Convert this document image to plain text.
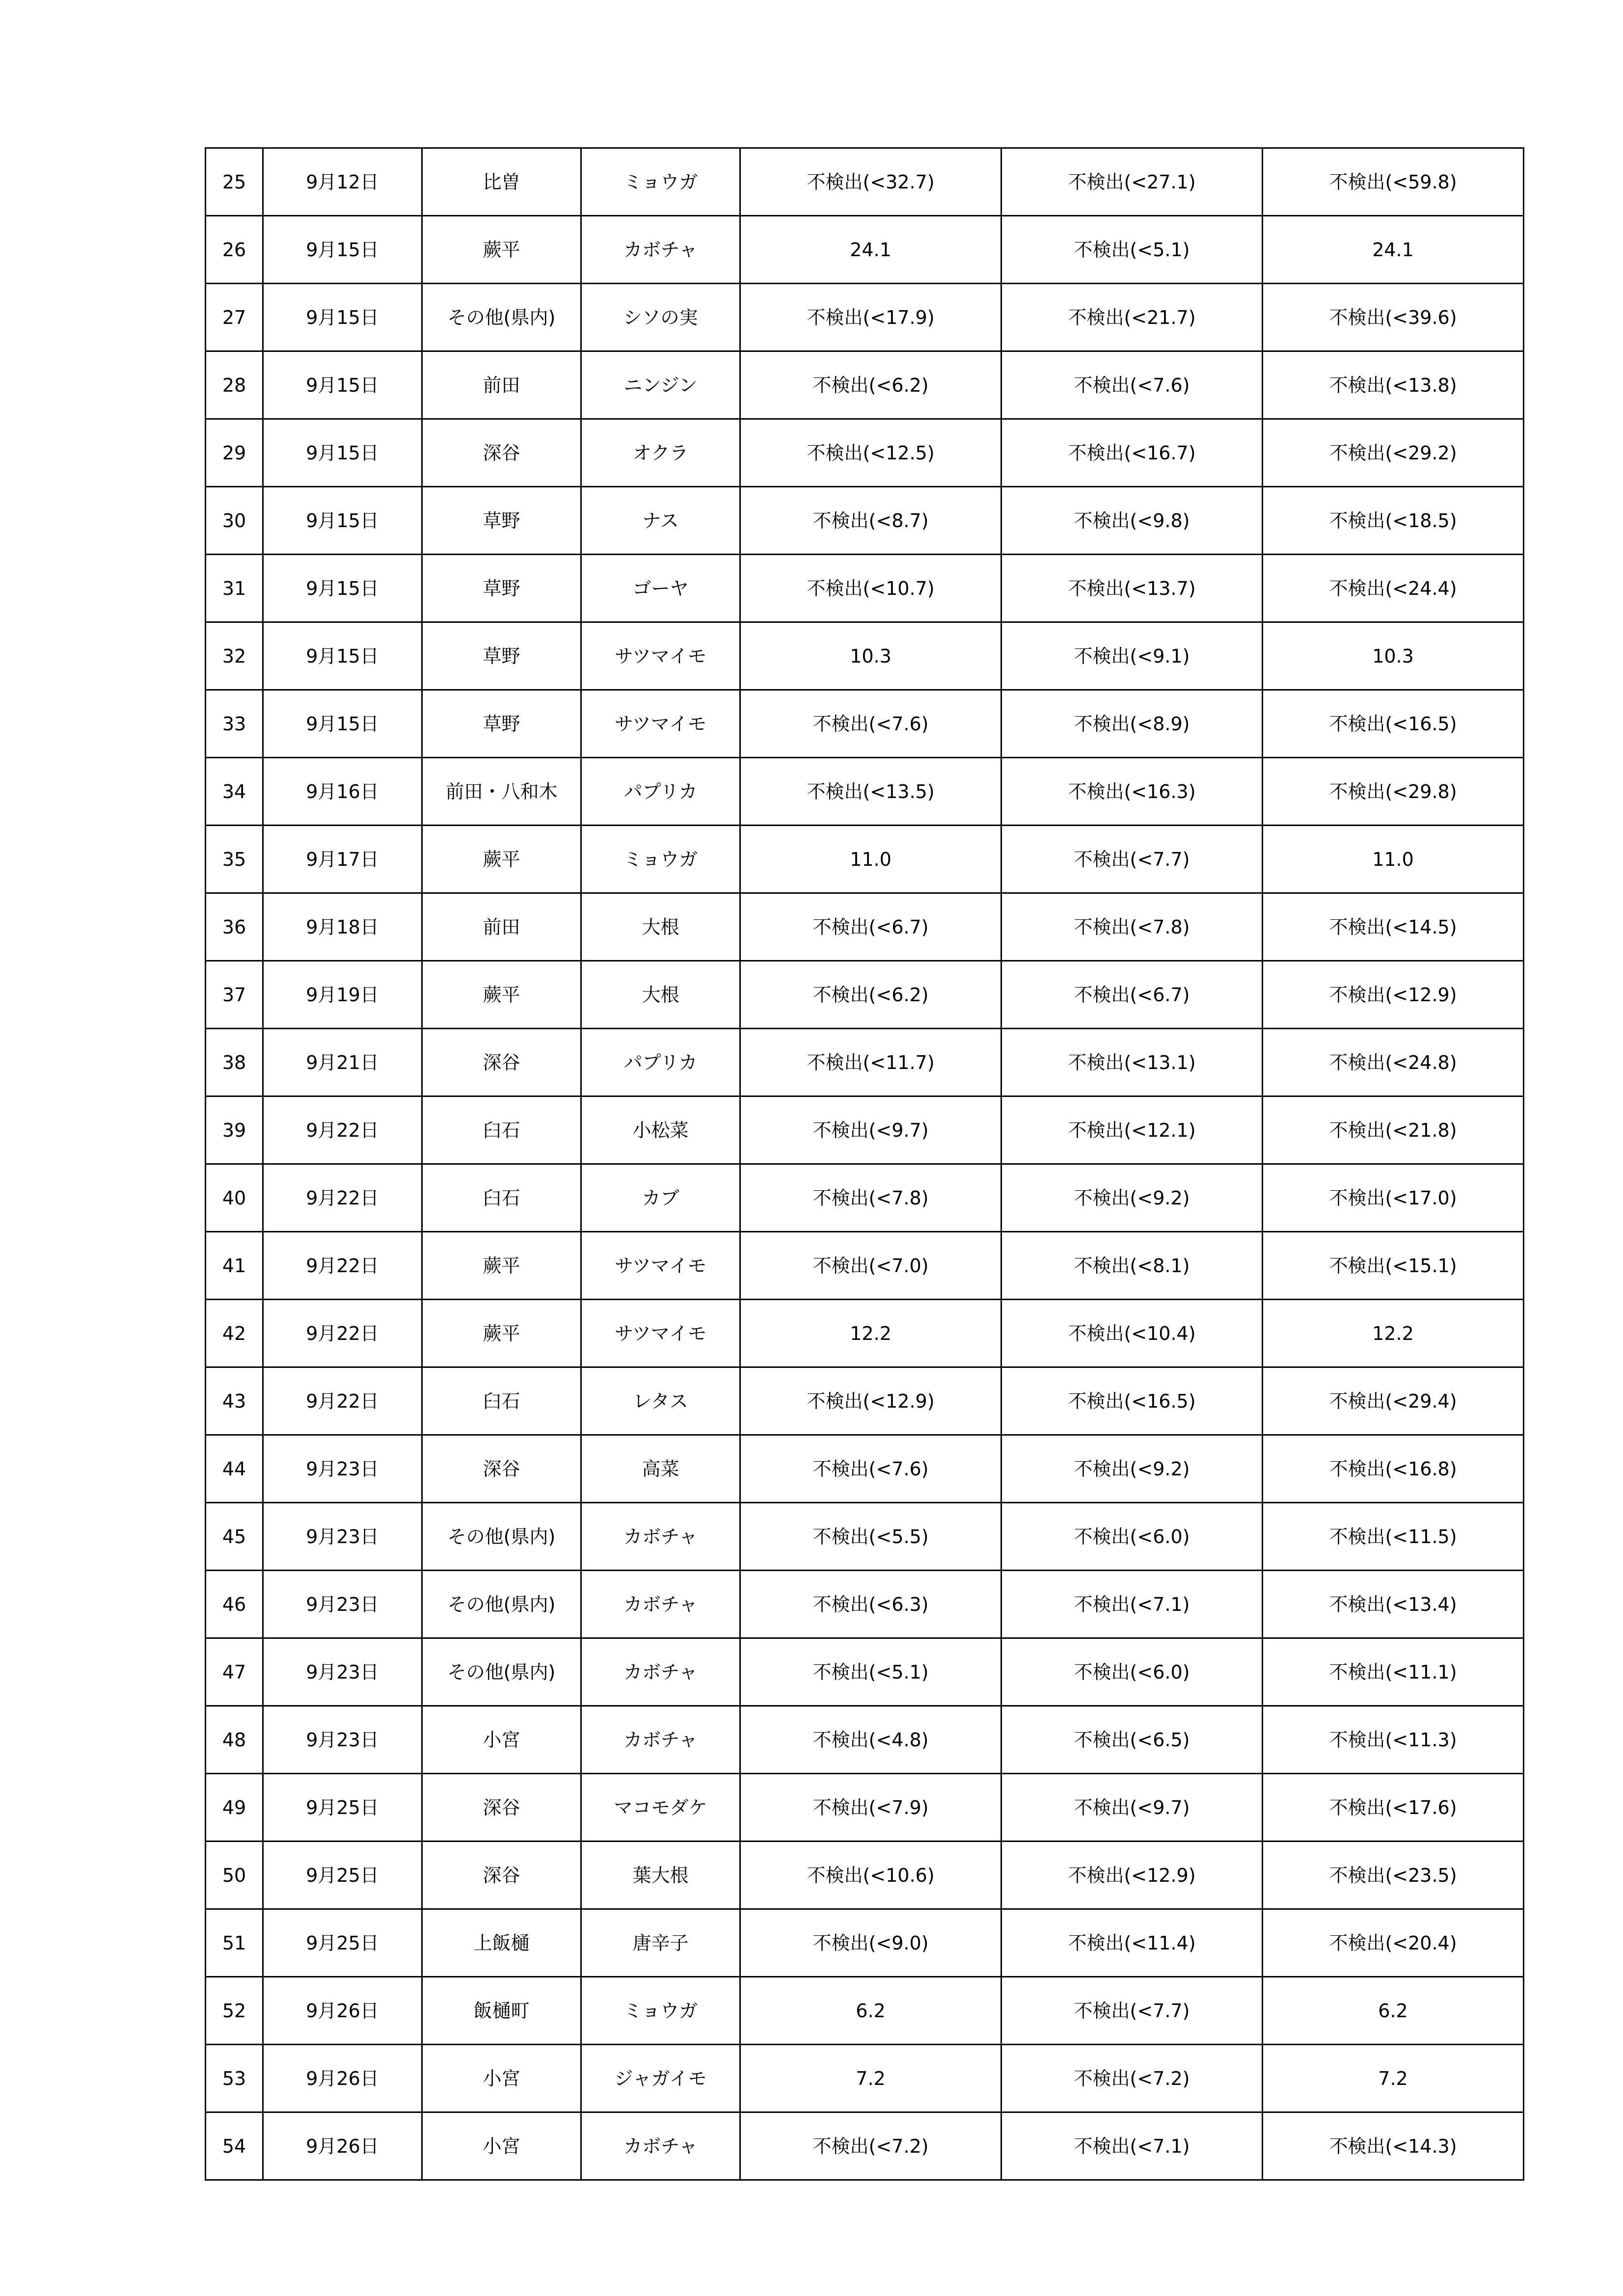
25	9月12日	比曽	ミョウガ	不検出(<32.7)	不検出(<27.1)	不検出(<59.8)
26	9月15日	蕨平	カボチャ	24.1	不検出(<5.1)	24.1
27	9月15日	その他(県内)	シソの実	不検出(<17.9)	不検出(<21.7)	不検出(<39.6)
28	9月15日	前田	ニンジン	不検出(<6.2)	不検出(<7.6)	不検出(<13.8)
29	9月15日	深谷	オクラ	不検出(<12.5)	不検出(<16.7)	不検出(<29.2)
30	9月15日	草野	ナス	不検出(<8.7)	不検出(<9.8)	不検出(<18.5)
31	9月15日	草野	ゴーヤ	不検出(<10.7)	不検出(<13.7)	不検出(<24.4)
32	9月15日	草野	サツマイモ	10.3	不検出(<9.1)	10.3
33	9月15日	草野	サツマイモ	不検出(<7.6)	不検出(<8.9)	不検出(<16.5)
34	9月16日	前田・八和木	パプリカ	不検出(<13.5)	不検出(<16.3)	不検出(<29.8)
35	9月17日	蕨平	ミョウガ	11.0	不検出(<7.7)	11.0
36	9月18日	前田	大根	不検出(<6.7)	不検出(<7.8)	不検出(<14.5)
37	9月19日	蕨平	大根	不検出(<6.2)	不検出(<6.7)	不検出(<12.9)
38	9月21日	深谷	パプリカ	不検出(<11.7)	不検出(<13.1)	不検出(<24.8)
39	9月22日	臼石	小松菜	不検出(<9.7)	不検出(<12.1)	不検出(<21.8)
40	9月22日	臼石	カブ	不検出(<7.8)	不検出(<9.2)	不検出(<17.0)
41	9月22日	蕨平	サツマイモ	不検出(<7.0)	不検出(<8.1)	不検出(<15.1)
42	9月22日	蕨平	サツマイモ	12.2	不検出(<10.4)	12.2
43	9月22日	臼石	レタス	不検出(<12.9)	不検出(<16.5)	不検出(<29.4)
44	9月23日	深谷	高菜	不検出(<7.6)	不検出(<9.2)	不検出(<16.8)
45	9月23日	その他(県内)	カボチャ	不検出(<5.5)	不検出(<6.0)	不検出(<11.5)
46	9月23日	その他(県内)	カボチャ	不検出(<6.3)	不検出(<7.1)	不検出(<13.4)
47	9月23日	その他(県内)	カボチャ	不検出(<5.1)	不検出(<6.0)	不検出(<11.1)
48	9月23日	小宮	カボチャ	不検出(<4.8)	不検出(<6.5)	不検出(<11.3)
49	9月25日	深谷	マコモダケ	不検出(<7.9)	不検出(<9.7)	不検出(<17.6)
50	9月25日	深谷	葉大根	不検出(<10.6)	不検出(<12.9)	不検出(<23.5)
51	9月25日	上飯樋	唐辛子	不検出(<9.0)	不検出(<11.4)	不検出(<20.4)
52	9月26日	飯樋町	ミョウガ	6.2	不検出(<7.7)	6.2
53	9月26日	小宮	ジャガイモ	7.2	不検出(<7.2)	7.2
54	9月26日	小宮	カボチャ	不検出(<7.2)	不検出(<7.1)	不検出(<14.3)
